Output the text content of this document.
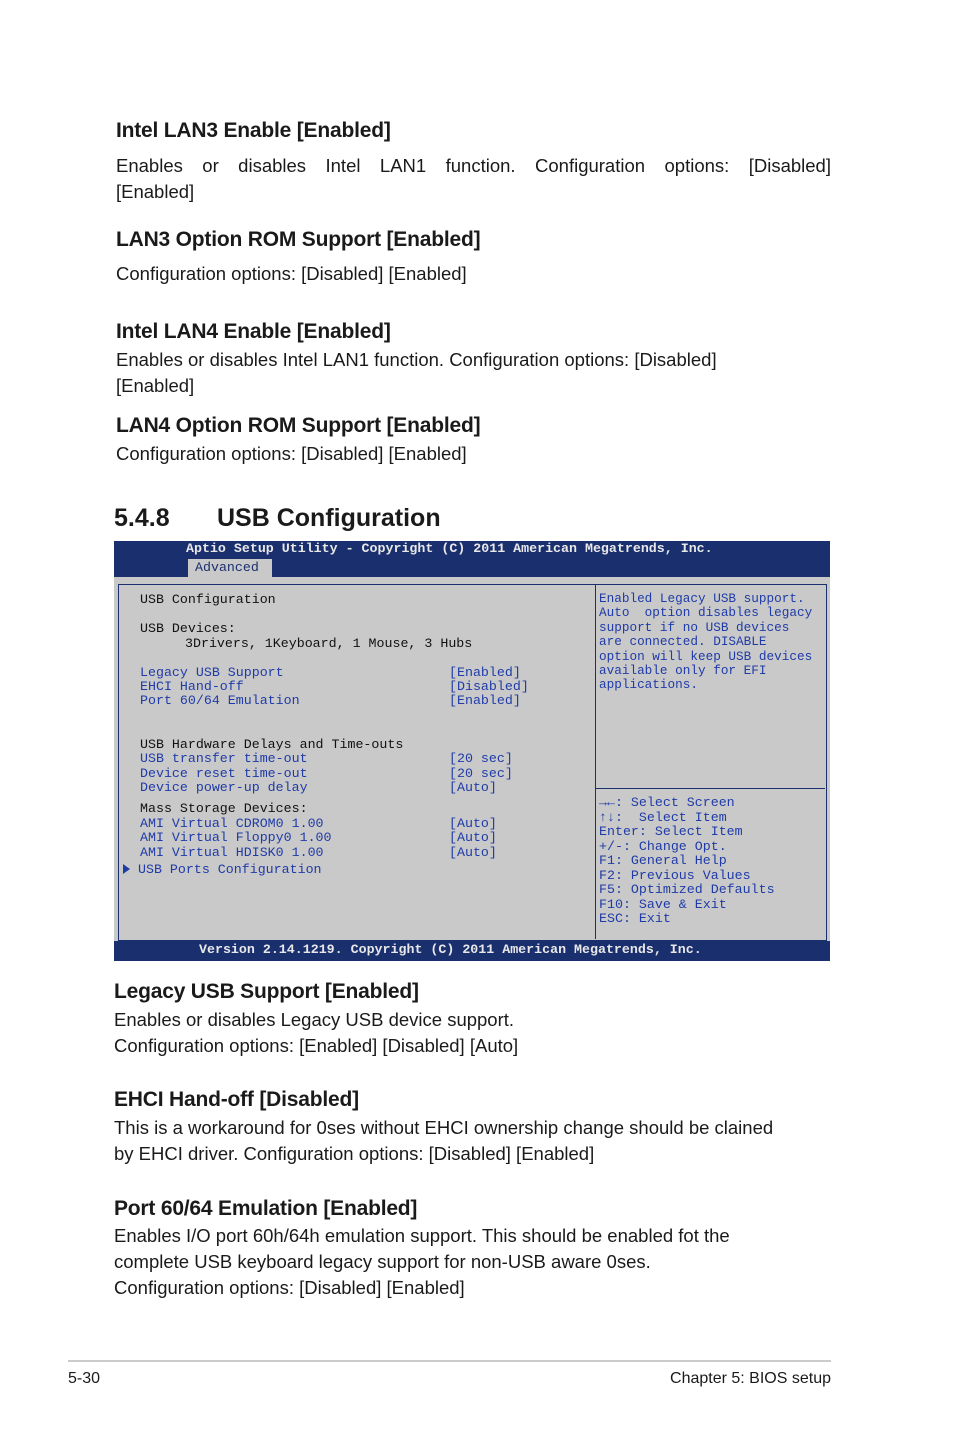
Intel LAN3 Enable [Enabled]
Enables or disables Intel LAN1 function. Configuration options: [Disabled]
[Enabled]
LAN3 Option ROM Support [Enabled]
Configuration options: [Disabled] [Enabled]
Intel LAN4 Enable [Enabled]
Enables or disables Intel LAN1 function. Configuration options: [Disabled]
[Enabled]
LAN4 Option ROM Support [Enabled]
Configuration options: [Disabled] [Enabled]
5.4.8 USB Configuration
Aptio Setup Utility - Copyright (C) 2011 American Megatrends, Inc.
Advanced
USB Configuration
USB Devices:
3Drivers, 1Keyboard, 1 Mouse, 3 Hubs
Legacy USB Support	[Enabled]
EHCI Hand-off	[Disabled]
Port 60/64 Emulation	[Enabled]
USB Hardware Delays and Time-outs
USB transfer time-out	[20 sec]
Device reset time-out	[20 sec]
Device power-up delay	[Auto]
Mass Storage Devices:
AMI Virtual CDROM0 1.00	[Auto]
AMI Virtual Floppy0 1.00	[Auto]
AMI Virtual HDISK0 1.00	[Auto]
USB Ports Configuration
Enabled Legacy USB support.
Auto  option disables legacy
support if no USB devices
are connected. DISABLE
option will keep USB devices
available only for EFI
applications.
→←: Select Screen
↑↓:  Select Item
Enter: Select Item
+/-: Change Opt.
F1: General Help
F2: Previous Values
F5: Optimized Defaults
F10: Save & Exit
ESC: Exit
Version 2.14.1219. Copyright (C) 2011 American Megatrends, Inc.
Legacy USB Support [Enabled]
Enables or disables Legacy USB device support.
Configuration options: [Enabled] [Disabled] [Auto]
EHCI Hand-off [Disabled]
This is a workaround for 0ses without EHCI ownership change should be clained
by EHCI driver. Configuration options: [Disabled] [Enabled]
Port 60/64 Emulation [Enabled]
Enables I/O port 60h/64h emulation support. This should be enabled fot the
complete USB keyboard legacy support for non-USB aware 0ses.
Configuration options: [Disabled] [Enabled]
5-30	Chapter 5: BIOS setup
